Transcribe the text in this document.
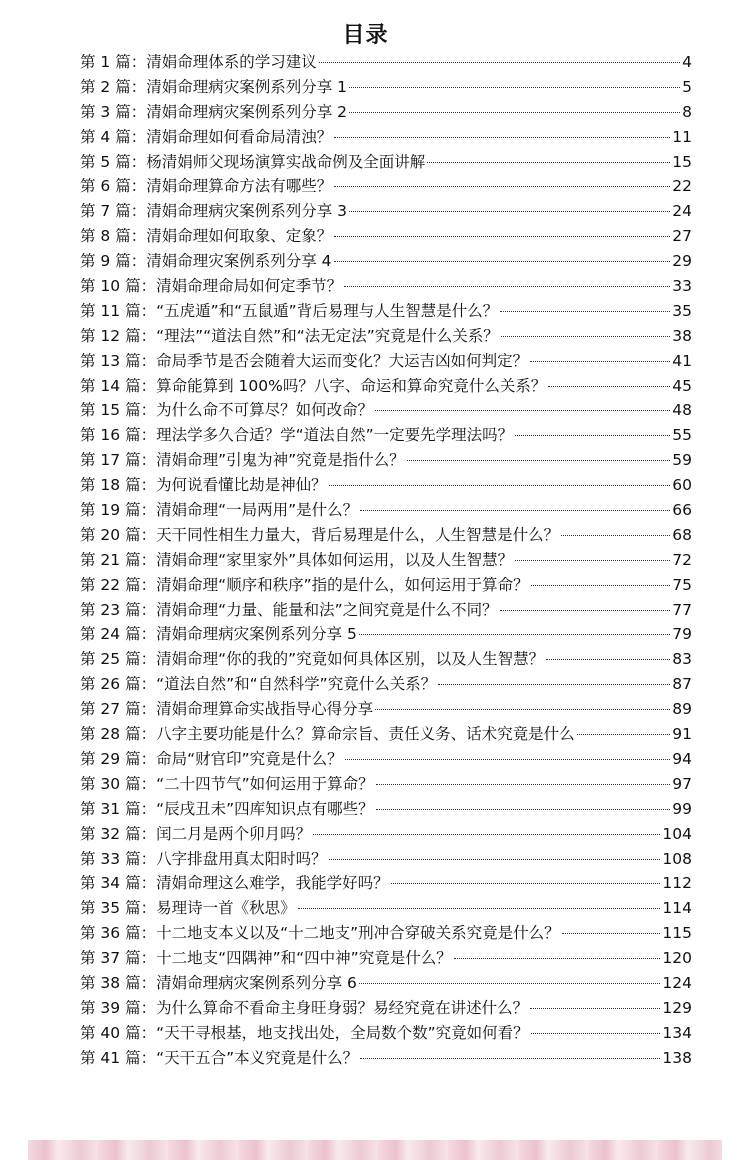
目录
第 1 篇：清娟命理体系的学习建议	4
第 2 篇：清娟命理病灾案例系列分享 1	5
第 3 篇：清娟命理病灾案例系列分享 2	8
第 4 篇：清娟命理如何看命局清浊？	11
第 5 篇：杨清娟师父现场演算实战命例及全面讲解	15
第 6 篇：清娟命理算命方法有哪些？	22
第 7 篇：清娟命理病灾案例系列分享 3	24
第 8 篇：清娟命理如何取象、定象？	27
第 9 篇：清娟命理灾案例系列分享 4	29
第 10 篇：清娟命理命局如何定季节？	33
第 11 篇：“五虎遁”和“五鼠遁”背后易理与人生智慧是什么？	35
第 12 篇：“理法”“道法自然”和“法无定法”究竟是什么关系？	38
第 13 篇：命局季节是否会随着大运而变化？大运吉凶如何判定？	41
第 14 篇：算命能算到 100%吗？八字、命运和算命究竟什么关系？	45
第 15 篇：为什么命不可算尽？如何改命？	48
第 16 篇：理法学多久合适？学“道法自然”一定要先学理法吗？	55
第 17 篇：清娟命理”引鬼为神”究竟是指什么？	59
第 18 篇：为何说看懂比劫是神仙？	60
第 19 篇：清娟命理“一局两用”是什么？	66
第 20 篇：天干同性相生力量大，背后易理是什么，人生智慧是什么？	68
第 21 篇：清娟命理“家里家外”具体如何运用，以及人生智慧？	72
第 22 篇：清娟命理“顺序和秩序”指的是什么，如何运用于算命？	75
第 23 篇：清娟命理“力量、能量和法”之间究竟是什么不同？	77
第 24 篇：清娟命理病灾案例系列分享 5	79
第 25 篇：清娟命理“你的我的”究竟如何具体区别，以及人生智慧？	83
第 26 篇：“道法自然”和“自然科学”究竟什么关系？	87
第 27 篇：清娟命理算命实战指导心得分享	89
第 28 篇：八字主要功能是什么？算命宗旨、责任义务、话术究竟是什么	91
第 29 篇：命局“财官印”究竟是什么？	94
第 30 篇：“二十四节气”如何运用于算命？	97
第 31 篇：“辰戌丑未”四库知识点有哪些？	99
第 32 篇：闰二月是两个卯月吗？	104
第 33 篇：八字排盘用真太阳时吗？	108
第 34 篇：清娟命理这么难学，我能学好吗？	112
第 35 篇：易理诗一首《秋思》	114
第 36 篇：十二地支本义以及“十二地支”刑冲合穿破关系究竟是什么？	115
第 37 篇：十二地支“四隅神”和“四中神”究竟是什么？	120
第 38 篇：清娟命理病灾案例系列分享 6	124
第 39 篇：为什么算命不看命主身旺身弱？易经究竟在讲述什么？	129
第 40 篇：“天干寻根基，地支找出处，全局数个数”究竟如何看？	134
第 41 篇：“天干五合”本义究竟是什么？	138
